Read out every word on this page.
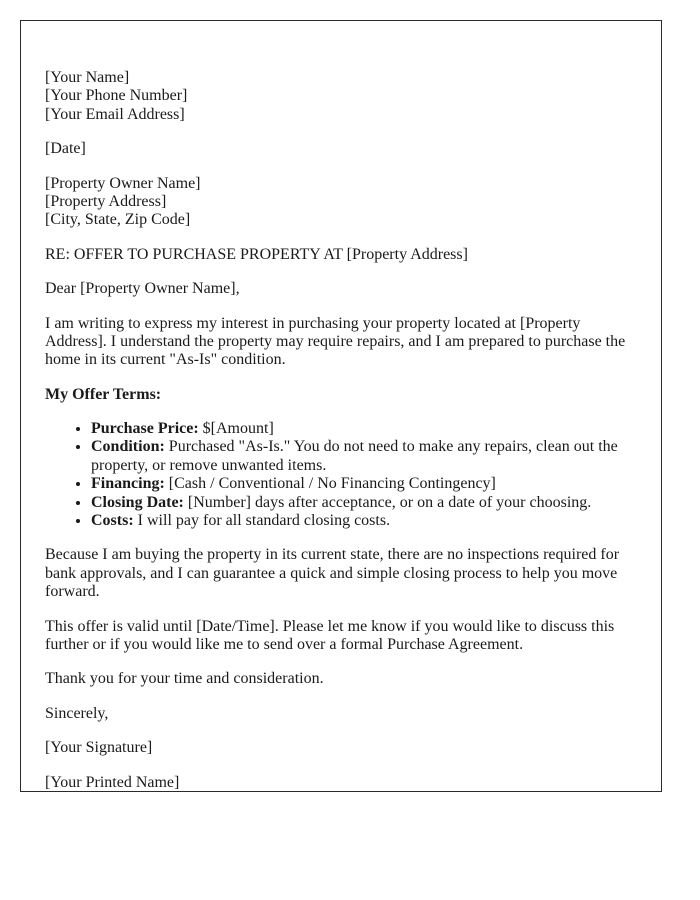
[Your Name]
[Your Phone Number]
[Your Email Address]

[Date]

[Property Owner Name]
[Property Address]
[City, State, Zip Code]

RE: OFFER TO PURCHASE PROPERTY AT [Property Address]

Dear [Property Owner Name],

I am writing to express my interest in purchasing your property located at [Property Address]. I understand the property may require repairs, and I am prepared to purchase the home in its current "As-Is" condition.

My Offer Terms:

• Purchase Price: $[Amount]
• Condition: Purchased "As-Is." You do not need to make any repairs, clean out the property, or remove unwanted items.
• Financing: [Cash / Conventional / No Financing Contingency]
• Closing Date: [Number] days after acceptance, or on a date of your choosing.
• Costs: I will pay for all standard closing costs.

Because I am buying the property in its current state, there are no inspections required for bank approvals, and I can guarantee a quick and simple closing process to help you move forward.

This offer is valid until [Date/Time]. Please let me know if you would like to discuss this further or if you would like me to send over a formal Purchase Agreement.

Thank you for your time and consideration.

Sincerely,

[Your Signature]

[Your Printed Name]
